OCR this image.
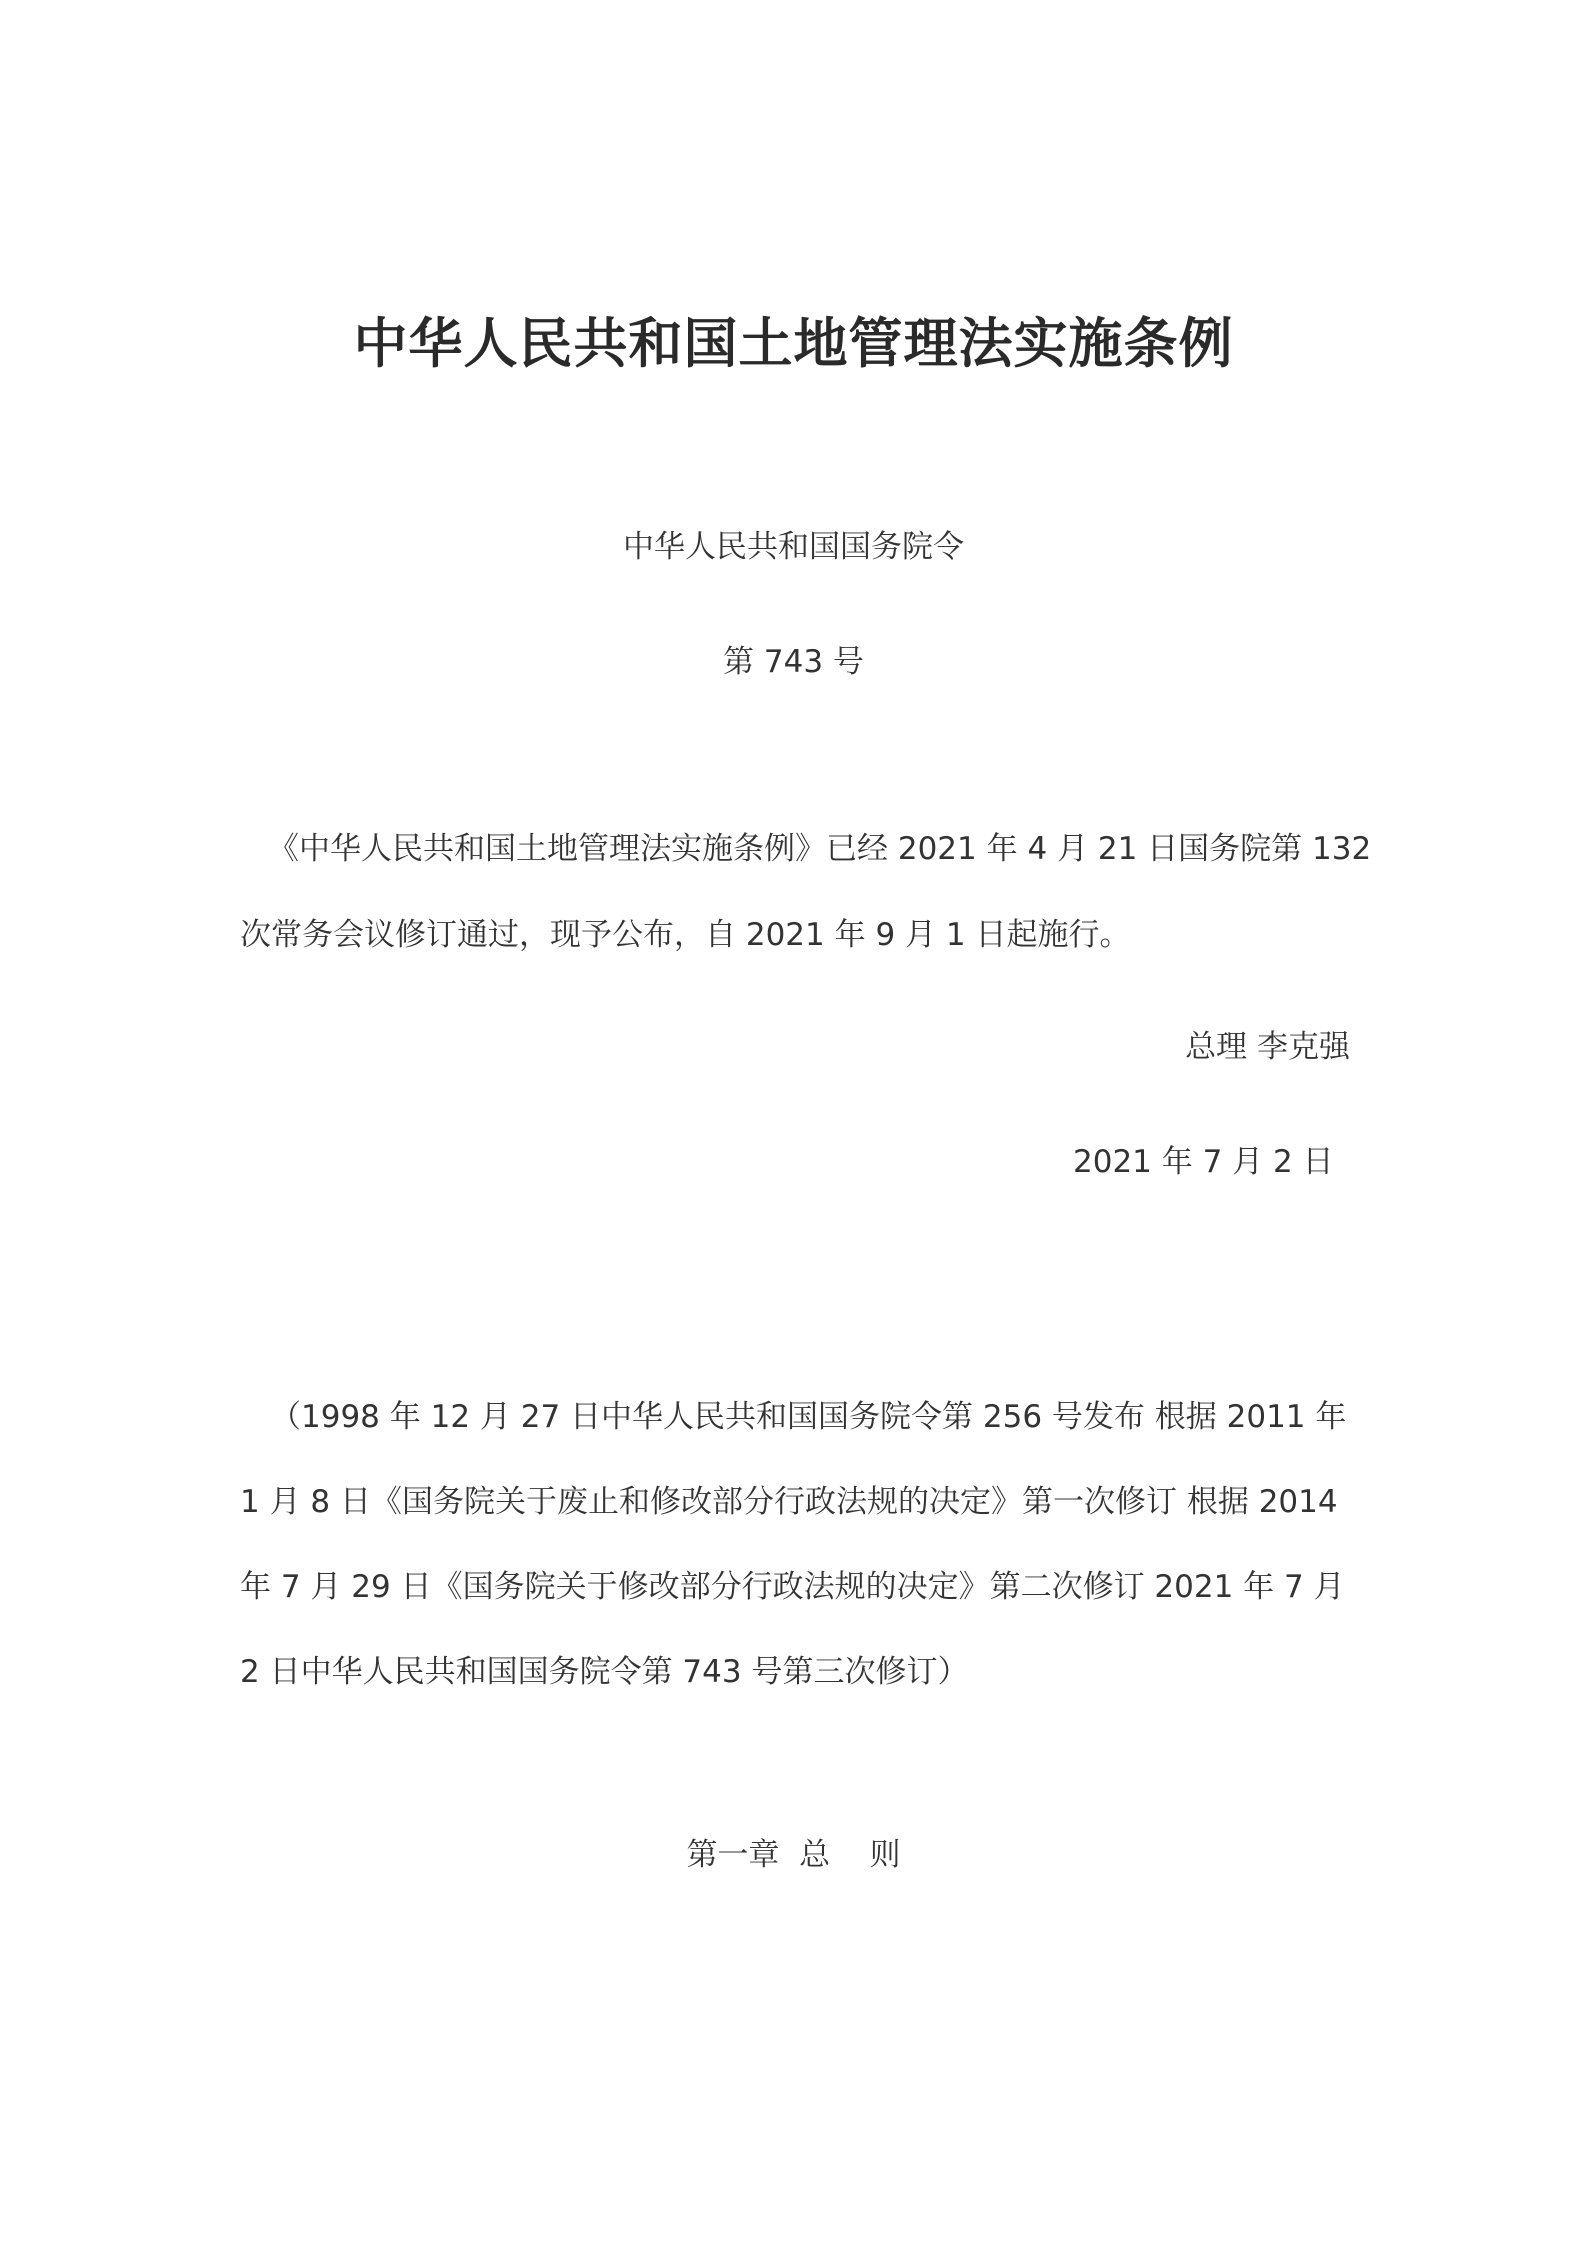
中华人民共和国土地管理法实施条例
中华人民共和国国务院令
第 743 号
《中华人民共和国土地管理法实施条例》已经 2021 年 4 月 21 日国务院第 132
次常务会议修订通过，现予公布，自 2021 年 9 月 1 日起施行。
总理 李克强
2021 年 7 月 2 日
（1998 年 12 月 27 日中华人民共和国国务院令第 256 号发布 根据 2011 年
1 月 8 日《国务院关于废止和修改部分行政法规的决定》第一次修订 根据 2014
年 7 月 29 日《国务院关于修改部分行政法规的决定》第二次修订 2021 年 7 月
2 日中华人民共和国国务院令第 743 号第三次修订）
第一章  总    则
